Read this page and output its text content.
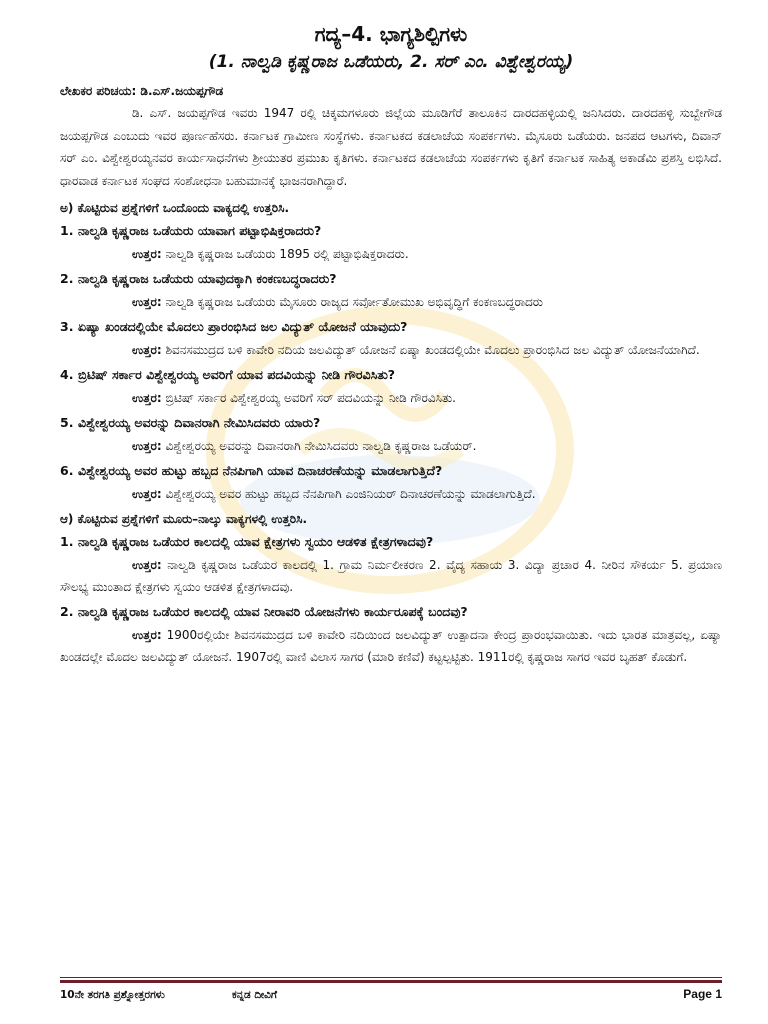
ಗದ್ಯ–4. ಭಾಗ್ಯಶಿಲ್ಪಿಗಳು
(1. ನಾಲ್ವಡಿ ಕೃಷ್ಣರಾಜ ಒಡೆಯರು, 2. ಸರ್ ಎಂ. ವಿಶ್ವೇಶ್ವರಯ್ಯ)

ಲೇಖಕರ ಪರಿಚಯ: ಡಿ.ಎಸ್.ಜಯಪ್ಪಗೌಡ

ಡಿ. ಎಸ್. ಜಯಪ್ಪಗೌಡ ಇವರು 1947 ರಲ್ಲಿ ಚಿಕ್ಕಮಗಳೂರು ಜಿಲ್ಲೆಯ ಮೂಡಿಗೆರೆ ತಾಲೂಕಿನ ದಾರದಹಳ್ಳಿಯಲ್ಲಿ ಜನಿಸಿದರು. ದಾರದಹಳ್ಳಿ ಸುಬ್ಬೇಗೌಡ ಜಯಪ್ಪಗೌಡ ಎಂಬುದು ಇವರ ಪೂರ್ಣಹೆಸರು. ಕರ್ನಾಟಕ ಗ್ರಾಮೀಣ ಸಂಸ್ಥೆಗಳು. ಕರ್ನಾಟಕದ ಕಡಲಾಚೆಯ ಸಂಪರ್ಕಗಳು. ಮೈಸೂರು ಒಡೆಯರು. ಜನಪದ ಆಟಗಳು, ದಿವಾನ್ ಸರ್ ಎಂ. ವಿಶ್ವೇಶ್ವರಯ್ಯನವರ ಕಾರ್ಯಸಾಧನೆಗಳು ಶ್ರೀಯುತರ ಪ್ರಮುಖ ಕೃತಿಗಳು. ಕರ್ನಾಟಕದ ಕಡಲಾಚೆಯ ಸಂಪರ್ಕಗಳು ಕೃತಿಗೆ ಕರ್ನಾಟಕ ಸಾಹಿತ್ಯ ಅಕಾಡೆಮಿ ಪ್ರಶಸ್ತಿ ಲಭಿಸಿದೆ. ಧಾರವಾಡ ಕರ್ನಾಟಕ ಸಂಘದ ಸಂಶೋಧನಾ ಬಹುಮಾನಕ್ಕೆ ಭಾಜನರಾಗಿದ್ದಾರೆ.

ಅ) ಕೊಟ್ಟಿರುವ ಪ್ರಶ್ನೆಗಳಿಗೆ ಒಂದೊಂದು ವಾಕ್ಯದಲ್ಲಿ ಉತ್ತರಿಸಿ.
1. ನಾಲ್ವಡಿ ಕೃಷ್ಣರಾಜ ಒಡೆಯರು ಯಾವಾಗ ಪಟ್ಟಾಭಿಷಿಕ್ತರಾದರು?

ಉತ್ತರ: ನಾಲ್ವಡಿ ಕೃಷ್ಣರಾಜ ಒಡೆಯರು 1895 ರಲ್ಲಿ ಪಟ್ಟಾಭಿಷಿಕ್ತರಾದರು.

2. ನಾಲ್ವಡಿ ಕೃಷ್ಣರಾಜ ಒಡೆಯರು ಯಾವುದಕ್ಕಾಗಿ ಕಂಕಣಬದ್ಧರಾದರು?

ಉತ್ತರ: ನಾಲ್ವಡಿ ಕೃಷ್ಣರಾಜ ಒಡೆಯರು ಮೈಸೂರು ರಾಜ್ಯದ ಸರ್ವೋತೋಮುಖ ಅಭಿವೃದ್ಧಿಗೆ ಕಂಕಣಬದ್ಧರಾದರು

3. ಏಷ್ಯಾ ಖಂಡದಲ್ಲಿಯೇ ಮೊದಲು ಪ್ರಾರಂಭಿಸಿದ ಜಲ ವಿದ್ಯುತ್ ಯೋಜನೆ ಯಾವುದು?

ಉತ್ತರ: ಶಿವನಸಮುದ್ರದ ಬಳಿ ಕಾವೇರಿ ನದಿಯ ಜಲವಿದ್ಯುತ್ ಯೋಜನೆ ಏಷ್ಯಾ ಖಂಡದಲ್ಲಿಯೇ ಮೊದಲು ಪ್ರಾರಂಭಿಸಿದ ಜಲ ವಿದ್ಯುತ್ ಯೋಜನೆಯಾಗಿದೆ.

4. ಬ್ರಿಟಿಷ್ ಸರ್ಕಾರ ವಿಶ್ವೇಶ್ವರಯ್ಯ ಅವರಿಗೆ ಯಾವ ಪದವಿಯನ್ನು ನೀಡಿ ಗೌರವಿಸಿತು?

ಉತ್ತರ: ಬ್ರಿಟಿಷ್ ಸರ್ಕಾರ ವಿಶ್ವೇಶ್ವರಯ್ಯ ಅವರಿಗೆ ಸರ್ ಪದವಿಯನ್ನು ನೀಡಿ ಗೌರವಿಸಿತು.

5. ವಿಶ್ವೇಶ್ವರಯ್ಯ ಅವರನ್ನು ದಿವಾನರಾಗಿ ನೇಮಿಸಿದವರು ಯಾರು?

ಉತ್ತರ: ವಿಶ್ವೇಶ್ವರಯ್ಯ ಅವರನ್ನು ದಿವಾನರಾಗಿ ನೇಮಿಸಿದವರು ನಾಲ್ವಡಿ ಕೃಷ್ಣರಾಜ ಒಡೆಯರ್.

6. ವಿಶ್ವೇಶ್ವರಯ್ಯ ಅವರ ಹುಟ್ಟು ಹಬ್ಬದ ನೆನಪಿಗಾಗಿ ಯಾವ ದಿನಾಚರಣೆಯನ್ನು ಮಾಡಲಾಗುತ್ತಿದೆ?

ಉತ್ತರ: ವಿಶ್ವೇಶ್ವರಯ್ಯ ಅವರ ಹುಟ್ಟು ಹಬ್ಬದ ನೆನಪಿಗಾಗಿ ಎಂಜಿನಿಯರ್ ದಿನಾಚರಣೆಯನ್ನು ಮಾಡಲಾಗುತ್ತಿದೆ.

ಆ) ಕೊಟ್ಟಿರುವ ಪ್ರಶ್ನೆಗಳಿಗೆ ಮೂರು–ನಾಲ್ಕು ವಾಕ್ಯಗಳಲ್ಲಿ ಉತ್ತರಿಸಿ.
1. ನಾಲ್ವಡಿ ಕೃಷ್ಣರಾಜ ಒಡೆಯರ ಕಾಲದಲ್ಲಿ ಯಾವ ಕ್ಷೇತ್ರಗಳು ಸ್ವಯಂ ಆಡಳಿತ ಕ್ಷೇತ್ರಗಳಾದವು?

ಉತ್ತರ: ನಾಲ್ವಡಿ ಕೃಷ್ಣರಾಜ ಒಡೆಯರ ಕಾಲದಲ್ಲಿ 1. ಗ್ರಾಮ ನಿರ್ಮಲೀಕರಣ 2. ವೈದ್ಯ ಸಹಾಯ 3. ವಿದ್ಯಾ ಪ್ರಚಾರ 4. ನೀರಿನ ಸೌಕರ್ಯ 5. ಪ್ರಯಾಣ ಸೌಲಭ್ಯ ಮುಂತಾದ ಕ್ಷೇತ್ರಗಳು ಸ್ವಯಂ ಆಡಳಿತ ಕ್ಷೇತ್ರಗಳಾದವು.

2. ನಾಲ್ವಡಿ ಕೃಷ್ಣರಾಜ ಒಡೆಯರ ಕಾಲದಲ್ಲಿ ಯಾವ ನೀರಾವರಿ ಯೋಜನೆಗಳು ಕಾರ್ಯರೂಪಕ್ಕೆ ಬಂದವು?

ಉತ್ತರ: 1900ರಲ್ಲಿಯೇ ಶಿವನಸಮುದ್ರದ ಬಳಿ ಕಾವೇರಿ ನದಿಯಿಂದ ಜಲವಿದ್ಯುತ್ ಉತ್ಪಾದನಾ ಕೇಂದ್ರ ಪ್ರಾರಂಭವಾಯಿತು. ಇದು ಭಾರತ ಮಾತ್ರವಲ್ಲ, ಏಷ್ಯಾ ಖಂಡದಲ್ಲೇ ಮೊದಲ ಜಲವಿದ್ಯುತ್ ಯೋಜನೆ. 1907ರಲ್ಲಿ ವಾಣಿ ವಿಲಾಸ ಸಾಗರ (ಮಾರಿ ಕಣಿವೆ) ಕಟ್ಟಲ್ಪಟ್ಟಿತು. 1911ರಲ್ಲಿ ಕೃಷ್ಣರಾಜ ಸಾಗರ ಇವರ ಬೃಹತ್ ಕೊಡುಗೆ.

10ನೇ ತರಗತಿ ಪ್ರಶ್ನೋತ್ತರಗಳು	ಕನ್ನಡ ದೀವಿಗೆ	Page 1
